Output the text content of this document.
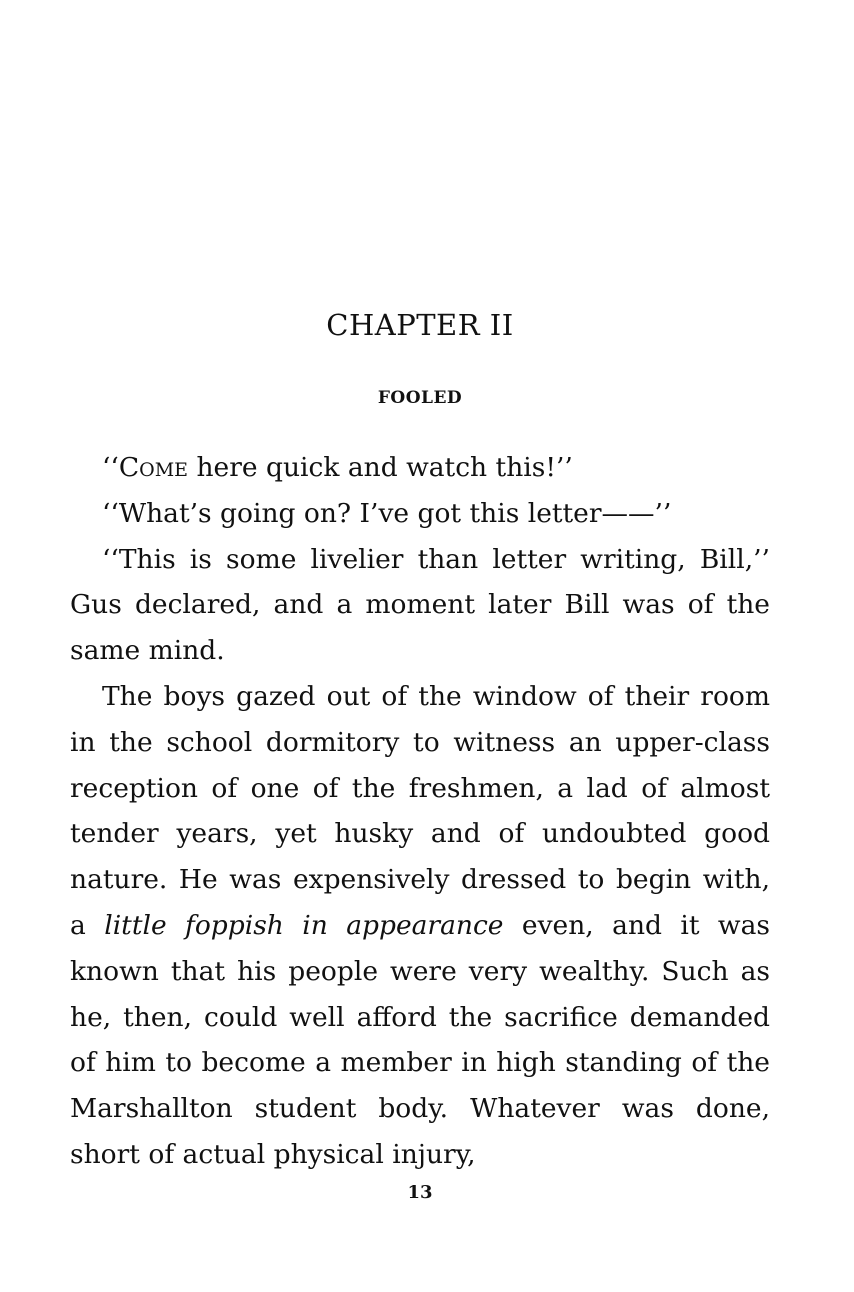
CHAPTER II
FOOLED

‘‘Come here quick and watch this!’’

‘‘What’s going on? I’ve got this letter——’’

‘‘This is some livelier than letter writing, Bill,’’ Gus declared, and a moment later Bill was of the same mind.

The boys gazed out of the window of their room in the school dormitory to witness an upper-class reception of one of the freshmen, a lad of almost tender years, yet husky and of undoubted good nature. He was expensively dressed to begin with, a little foppish in appearance even, and it was known that his people were very wealthy. Such as he, then, could well afford the sacrifice demanded of him to become a member in high standing of the Marshallton student body. Whatever was done, short of actual physical injury,

13
